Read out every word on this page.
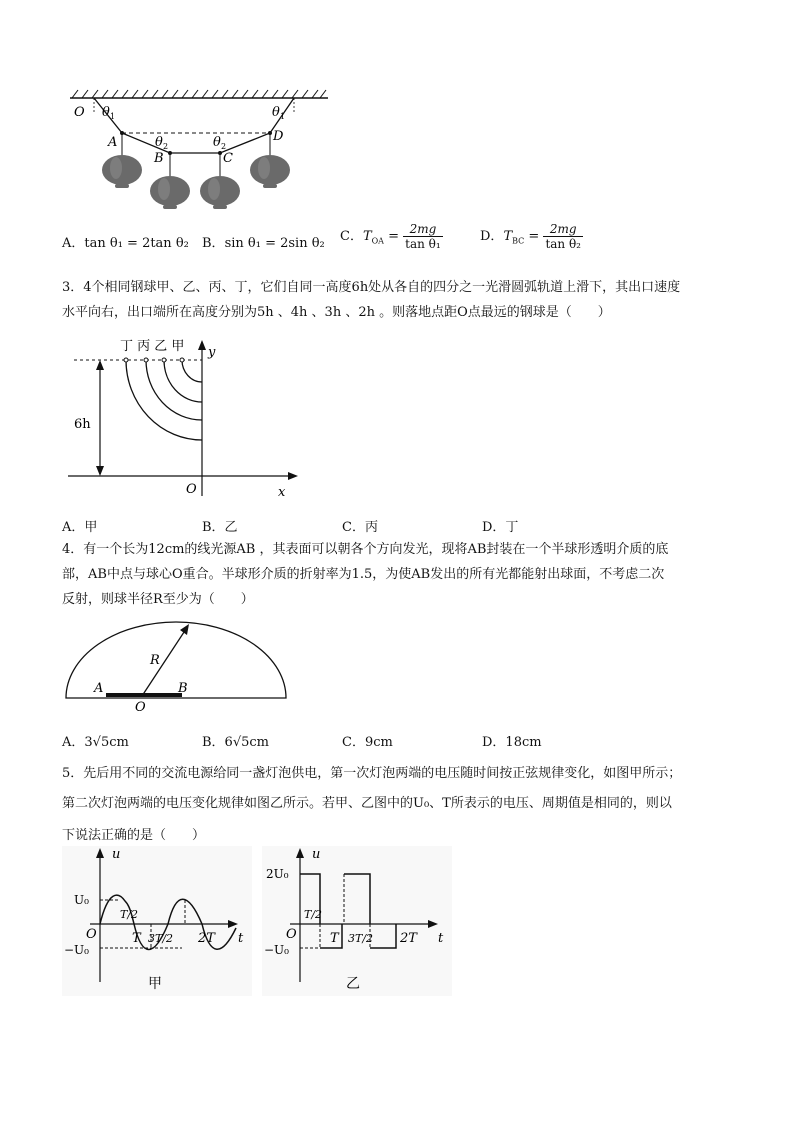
O
A
B	C
D
θ	θ
θ	θ
1	1
2	2
A．tan θ₁ = 2tan θ₂ B．sin θ₁ = 2sin θ₂ C．$T_{OA} = \frac{2mg}{\text{tan θ₁}}$	D．$T_{BC} = \frac{2mg}{\text{tan θ₂}}$
3．4个相同钢球甲、乙、丙、丁，它们自同一高度6h处从各自的四分之一光滑圆弧轨道上滑下，其出口速度
水平向右，出口端所在高度分别为5h 、4h 、3h 、2h 。则落地点距O点最远的钢球是（　　）
丁 丙 乙 甲 y
x
O
6h
A．甲	B．乙	C．丙	D．丁
4．有一个长为12cm的线光源AB ，其表面可以朝各个方向发光，现将AB封装在一个半球形透明介质的底
部，AB中点与球心O重合。半球形介质的折射率为1.5，为使AB发出的所有光都能射出球面，不考虑二次
反射，则球半径R至少为（　　）
R
A	B
O
A．3√5cm	B．6√5cm	C．9cm	D．18cm
5．先后用不同的交流电源给同一盏灯泡供电，第一次灯泡两端的电压随时间按正弦规律变化，如图甲所示；
第二次灯泡两端的电压变化规律如图乙所示。若甲、乙图中的U₀、T所表示的电压、周期值是相同的，则以
下说法正确的是（　　）
u
t
U₀
−U₀
O
T/2
T 3T/2 2T
甲
u
t
2U₀
−U₀
O
T/2
T 3T/2 2T
乙
